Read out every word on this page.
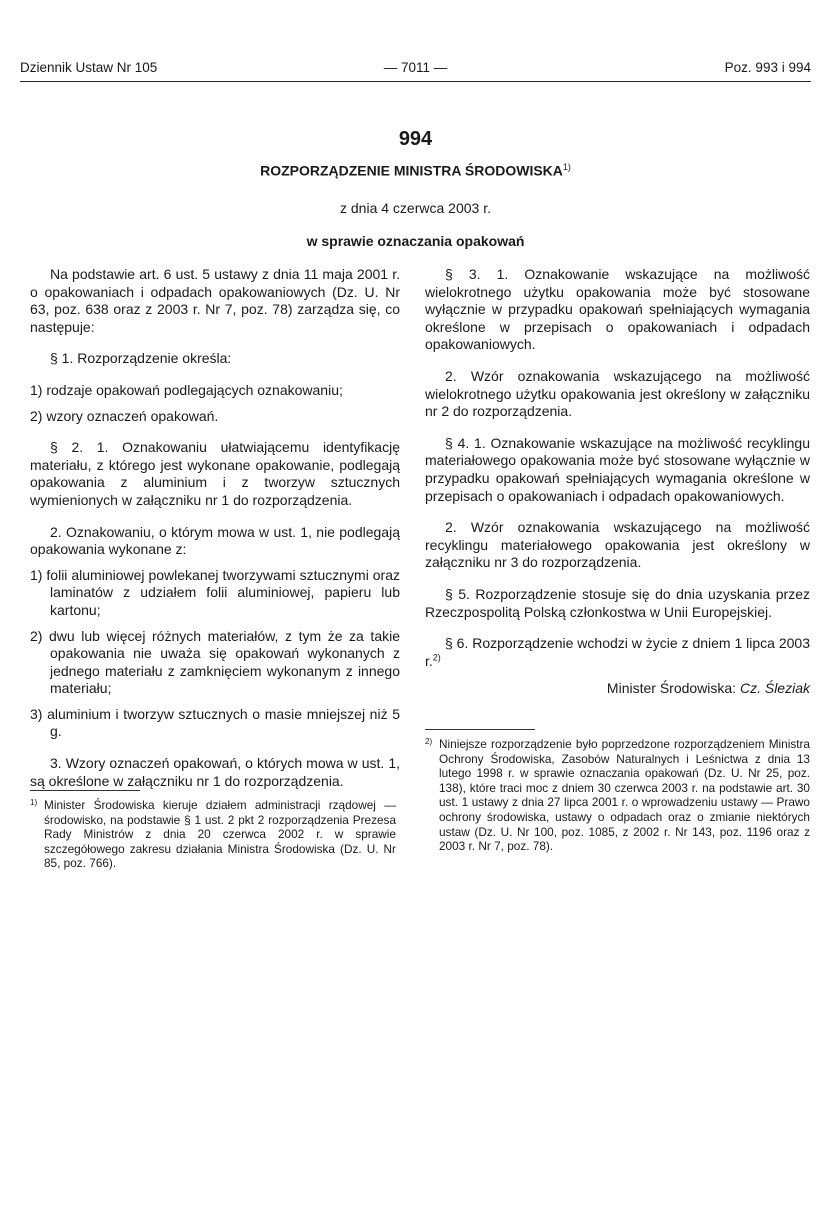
Dziennik Ustaw Nr 105	— 7011 —	Poz. 993 i 994
994
ROZPORZĄDZENIE MINISTRA ŚRODOWISKA$^{1)}$
z dnia 4 czerwca 2003 r.
w sprawie oznaczania opakowań

Na podstawie art. 6 ust. 5 ustawy z dnia 11 maja 2001 r. o opakowaniach i odpadach opakowaniowych (Dz. U. Nr 63, poz. 638 oraz z 2003 r. Nr 7, poz. 78) zarządza się, co następuje:

§ 1. Rozporządzenie określa:

1) rodzaje opakowań podlegających oznakowaniu;

2) wzory oznaczeń opakowań.

§ 2. 1. Oznakowaniu ułatwiającemu identyfikację materiału, z którego jest wykonane opakowanie, podlegają opakowania z aluminium i z tworzyw sztucznych wymienionych w załączniku nr 1 do rozporządzenia.

2. Oznakowaniu, o którym mowa w ust. 1, nie podlegają opakowania wykonane z:

1) folii aluminiowej powlekanej tworzywami sztucznymi oraz laminatów z udziałem folii aluminiowej, papieru lub kartonu;

2) dwu lub więcej różnych materiałów, z tym że za takie opakowania nie uważa się opakowań wykonanych z jednego materiału z zamknięciem wykonanym z innego materiału;

3) aluminium i tworzyw sztucznych o masie mniejszej niż 5 g.

3. Wzory oznaczeń opakowań, o których mowa w ust. 1, są określone w załączniku nr 1 do rozporządzenia.

§ 3. 1. Oznakowanie wskazujące na możliwość wielokrotnego użytku opakowania może być stosowane wyłącznie w przypadku opakowań spełniających wymagania określone w przepisach o opakowaniach i odpadach opakowaniowych.

2. Wzór oznakowania wskazującego na możliwość wielokrotnego użytku opakowania jest określony w załączniku nr 2 do rozporządzenia.

§ 4. 1. Oznakowanie wskazujące na możliwość recyklingu materiałowego opakowania może być stosowane wyłącznie w przypadku opakowań spełniających wymagania określone w przepisach o opakowaniach i odpadach opakowaniowych.

2. Wzór oznakowania wskazującego na możliwość recyklingu materiałowego opakowania jest określony w załączniku nr 3 do rozporządzenia.

§ 5. Rozporządzenie stosuje się do dnia uzyskania przez Rzeczpospolitą Polską członkostwa w Unii Europejskiej.

§ 6. Rozporządzenie wchodzi w życie z dniem 1 lipca 2003 r.$^{2)}$

Minister Środowiska: Cz. Śleziak

1) Minister Środowiska kieruje działem administracji rządowej — środowisko, na podstawie § 1 ust. 2 pkt 2 rozporządzenia Prezesa Rady Ministrów z dnia 20 czerwca 2002 r. w sprawie szczegółowego zakresu działania Ministra Środowiska (Dz. U. Nr 85, poz. 766).
2) Niniejsze rozporządzenie było poprzedzone rozporządzeniem Ministra Ochrony Środowiska, Zasobów Naturalnych i Leśnictwa z dnia 13 lutego 1998 r. w sprawie oznaczania opakowań (Dz. U. Nr 25, poz. 138), które traci moc z dniem 30 czerwca 2003 r. na podstawie art. 30 ust. 1 ustawy z dnia 27 lipca 2001 r. o wprowadzeniu ustawy — Prawo ochrony środowiska, ustawy o odpadach oraz o zmianie niektórych ustaw (Dz. U. Nr 100, poz. 1085, z 2002 r. Nr 143, poz. 1196 oraz z 2003 r. Nr 7, poz. 78).
